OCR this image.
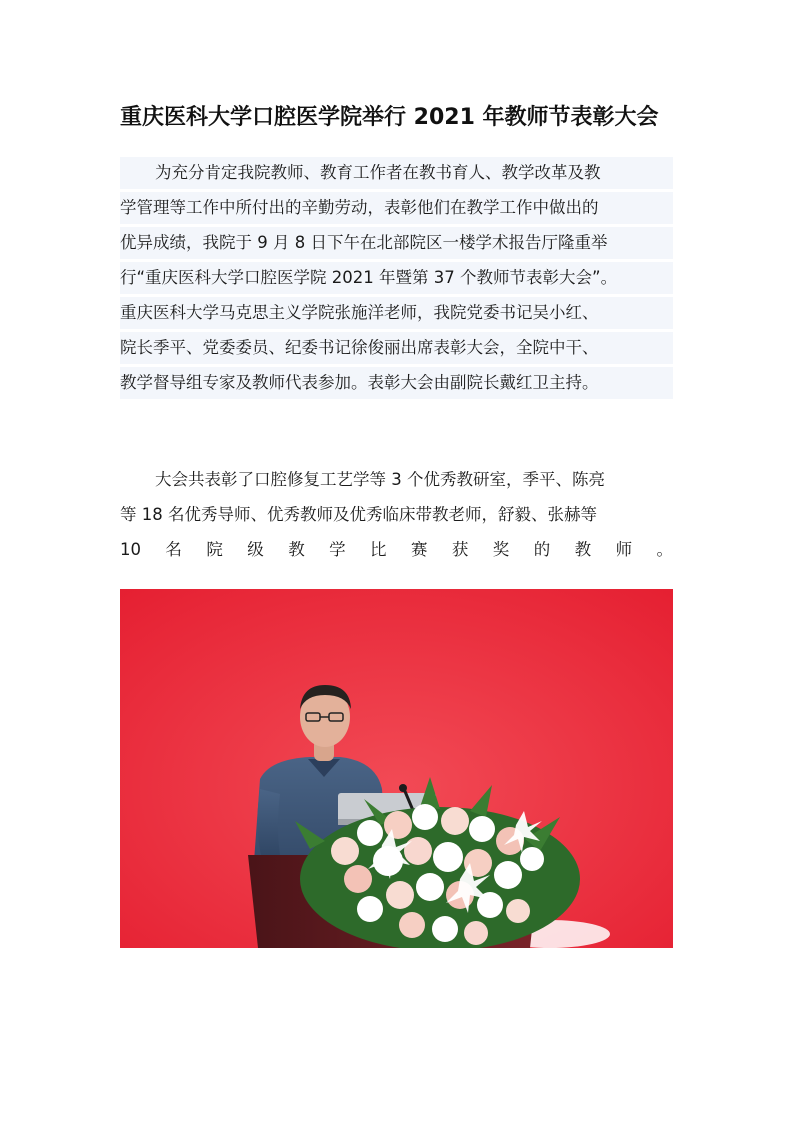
重庆医科大学口腔医学院举行 2021 年教师节表彰大会
为充分肯定我院教师、教育工作者在教书育人、教学改革及教
学管理等工作中所付出的辛勤劳动，表彰他们在教学工作中做出的
优异成绩，我院于 9 月 8 日下午在北部院区一楼学术报告厅隆重举
行“重庆医科大学口腔医学院 2021 年暨第 37 个教师节表彰大会”。
重庆医科大学马克思主义学院张施洋老师，我院党委书记吴小红、
院长季平、党委委员、纪委书记徐俊丽出席表彰大会，全院中干、
教学督导组专家及教师代表参加。表彰大会由副院长戴红卫主持。
大会共表彰了口腔修复工艺学等 3 个优秀教研室，季平、陈亮
等 18 名优秀导师、优秀教师及优秀临床带教老师，舒毅、张赫等
10 名 院 级 教 学 比 赛 获 奖 的 教 师 。
